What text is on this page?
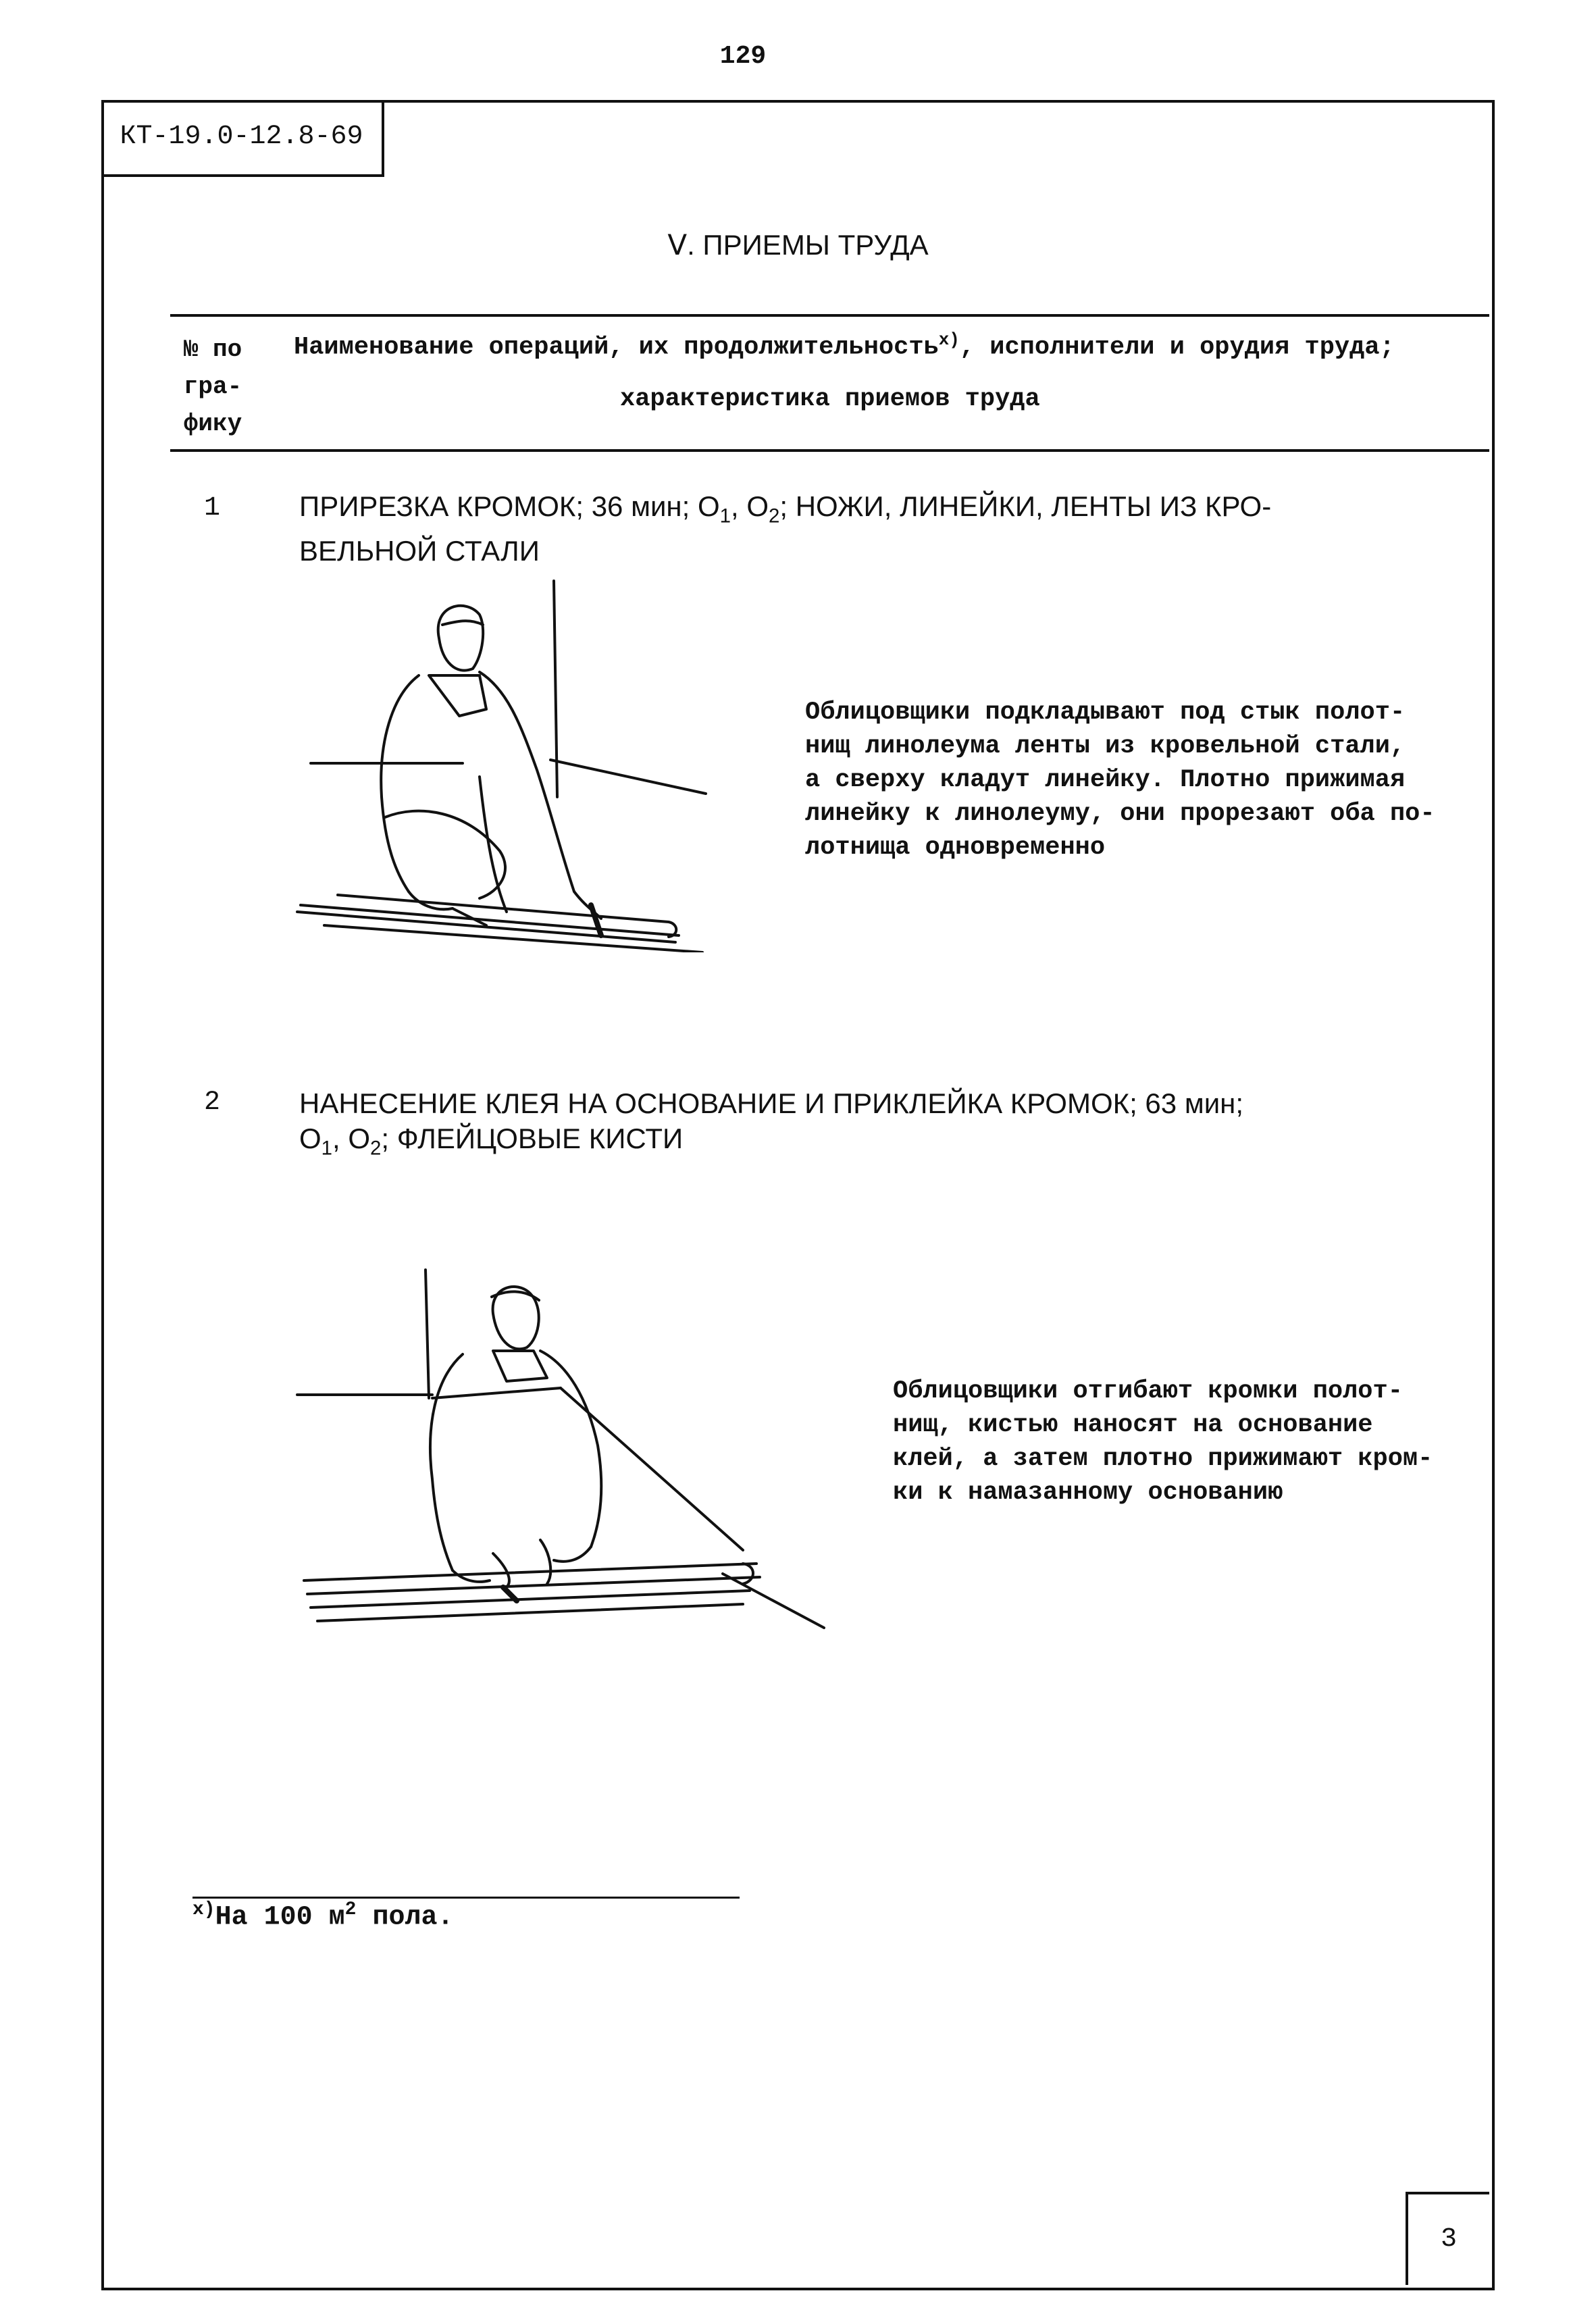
129
КТ-19.0-12.8-69
Ⅴ. ПРИЕМЫ ТРУДА
№ по гра-фику
Наименование операций, их продолжительность$^{х)}$, исполнители и орудия труда;
характеристика приемов труда
1	ПРИРЕЗКА КРОМОК; 36 мин; $О_1$, $О_2$; НОЖИ, ЛИНЕЙКИ, ЛЕНТЫ ИЗ КРО-
ВЕЛЬНОЙ СТАЛИ
Облицовщики подкладывают под стык полот-
нищ линолеума ленты из кровельной стали,
а сверху кладут линейку. Плотно прижимая
линейку к линолеуму, они прорезают оба по-
лотнища одновременно
2	НАНЕСЕНИЕ КЛЕЯ НА ОСНОВАНИЕ И ПРИКЛЕЙКА КРОМОК; 63 мин;
$О_1$, $О_2$; ФЛЕЙЦОВЫЕ КИСТИ
Облицовщики отгибают кромки полот-
нищ, кистью наносят на основание
клей, а затем плотно прижимают кром-
ки к намазанному основанию
$^{х)}$На 100 $м^2$ пола.
3
